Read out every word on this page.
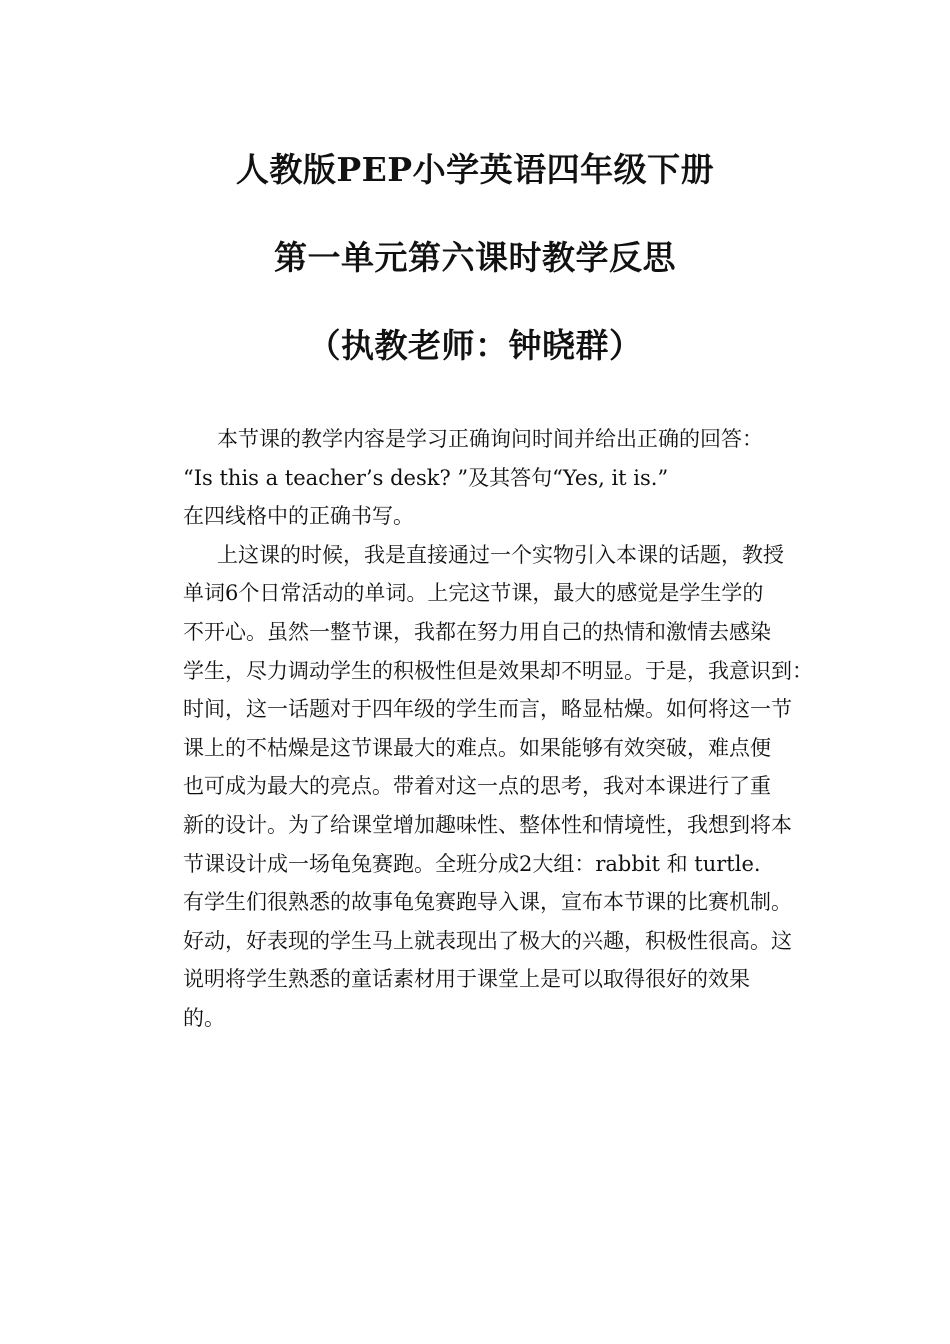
人教版PEP小学英语四年级下册
第一单元第六课时教学反思
（执教老师：钟晓群）
本节课的教学内容是学习正确询问时间并给出正确的回答：
“Is this a teacher’s desk? ”及其答句“Yes, it is.”
在四线格中的正确书写。
上这课的时候，我是直接通过一个实物引入本课的话题，教授
单词6个日常活动的单词。上完这节课，最大的感觉是学生学的
不开心。虽然一整节课，我都在努力用自己的热情和激情去感染
学生，尽力调动学生的积极性但是效果却不明显。于是，我意识到：
时间，这一话题对于四年级的学生而言，略显枯燥。如何将这一节
课上的不枯燥是这节课最大的难点。如果能够有效突破，难点便
也可成为最大的亮点。带着对这一点的思考，我对本课进行了重
新的设计。为了给课堂增加趣味性、整体性和情境性，我想到将本
节课设计成一场龟兔赛跑。全班分成2大组：rabbit 和 turtle.
有学生们很熟悉的故事龟兔赛跑导入课，宣布本节课的比赛机制。
好动，好表现的学生马上就表现出了极大的兴趣，积极性很高。这
说明将学生熟悉的童话素材用于课堂上是可以取得很好的效果
的。
